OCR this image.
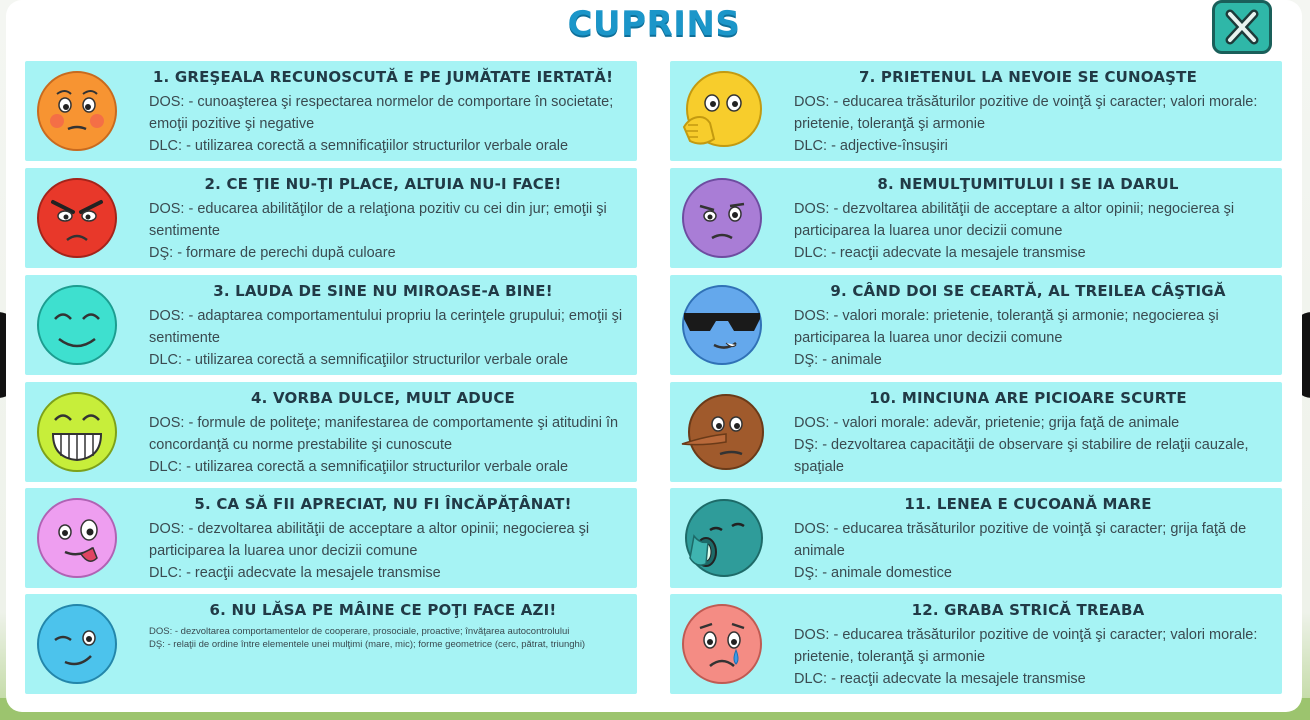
CUPRINS
1. GREŞEALA RECUNOSCUTĂ E PE JUMĂTATE IERTATĂ!

DOS: - cunoaşterea şi respectarea normelor de comportare în societate; emoţii pozitive şi negative

DLC: - utilizarea corectă a semnificaţiilor structurilor verbale orale

2. CE ŢIE NU-ŢI PLACE, ALTUIA NU-I FACE!

DOS: - educarea abilităţilor de a relaţiona pozitiv cu cei din jur; emoţii şi sentimente

DŞ: - formare de perechi după culoare

3. LAUDA DE SINE NU MIROASE-A BINE!

DOS: - adaptarea comportamentului propriu la cerinţele grupului; emoţii şi sentimente

DLC: - utilizarea corectă a semnificaţiilor structurilor verbale orale

4. VORBA DULCE, MULT ADUCE

DOS: - formule de politeţe; manifestarea de comportamente şi atitudini în concordanţă cu norme prestabilite şi cunoscute

DLC: - utilizarea corectă a semnificaţiilor structurilor verbale orale

5. CA SĂ FII APRECIAT, NU FI ÎNCĂPĂŢÂNAT!

DOS: - dezvoltarea abilităţii de acceptare a altor opinii; negocierea şi participarea la luarea unor decizii comune

DLC: - reacţii adecvate la mesajele transmise

6. NU LĂSA PE MÂINE CE POŢI FACE AZI!

DOS: - dezvoltarea comportamentelor de cooperare, prosociale, proactive; învăţarea autocontrolului

DŞ: - relaţii de ordine între elementele unei mulţimi (mare, mic); forme geometrice (cerc, pătrat, triunghi)

7. PRIETENUL LA NEVOIE SE CUNOAŞTE

DOS: - educarea trăsăturilor pozitive de voinţă şi caracter; valori morale: prietenie, toleranţă şi armonie

DLC: - adjective-însuşiri

8. NEMULŢUMITULUI I SE IA DARUL

DOS: - dezvoltarea abilităţii de acceptare a altor opinii; negocierea şi participarea la luarea unor decizii comune

DLC: - reacţii adecvate la mesajele transmise

9. CÂND DOI SE CEARTĂ, AL TREILEA CÂŞTIGĂ

DOS: - valori morale: prietenie, toleranţă şi armonie; negocierea şi participarea la luarea unor decizii comune

DŞ: - animale

10. MINCIUNA ARE PICIOARE SCURTE

DOS: - valori morale: adevăr, prietenie; grija faţă de animale

DŞ: - dezvoltarea capacităţii de observare şi stabilire de relaţii cauzale, spaţiale

11. LENEA E CUCOANĂ MARE

DOS: - educarea trăsăturilor pozitive de voinţă şi caracter; grija faţă de animale

DŞ: - animale domestice

12. GRABA STRICĂ TREABA

DOS: - educarea trăsăturilor pozitive de voinţă şi caracter; valori morale: prietenie, toleranţă şi armonie

DLC: - reacţii adecvate la mesajele transmise
